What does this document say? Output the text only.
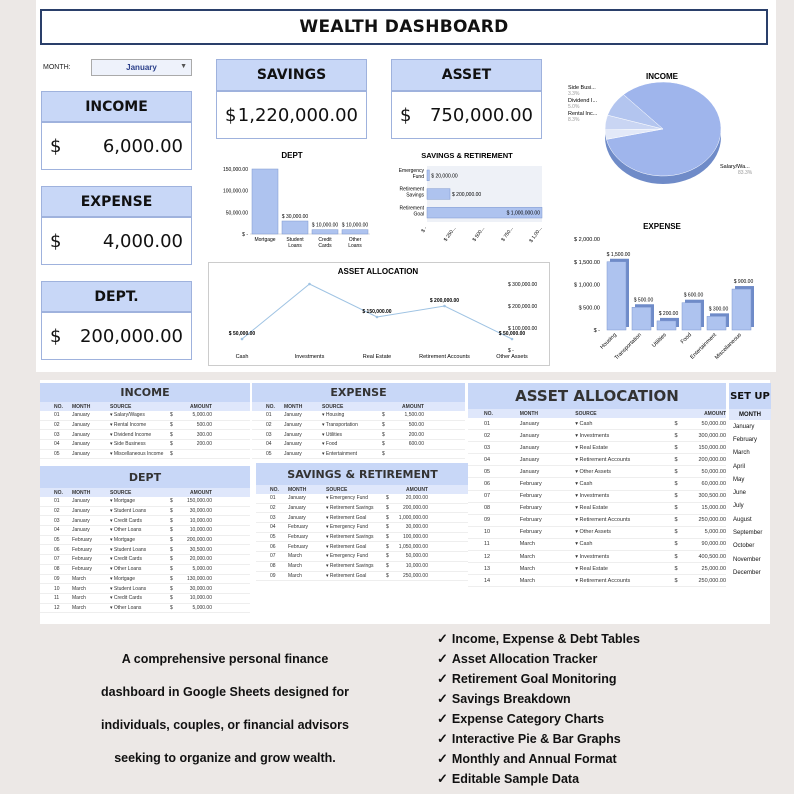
WEALTH DASHBOARD
MONTH:	January	▼
INCOME
$ 6,000.00
EXPENSE
$ 4,000.00
DEPT.
$ 200,000.00
SAVINGS
$ 1,220,000.00
ASSET
$ 750,000.00
DEPT
150,000.00
100,000.00
50,000.00
$ -
Mortgage
$ 30,000.00
Student
Loans
$ 10,000.00
Credit
Cards
$ 10,000.00
Other
Loans
SAVINGS & RETIREMENT
$ 20,000.00
Emergency
Fund
$ 200,000.00
Retirement
Savings
$ 1,000,000.00
Retirement
Goal
$ -	$ 250...	$ 500...	$ 750...	$ 1,00...
ASSET ALLOCATION
$ 300,000.00
$ 200,000.00
$ 100,000.00
$ -
$ 50,000.00
Cash	Investments
$ 150,000.00
Real Estate
$ 200,000.00
Retirement Accounts
$ 50,000.00
Other Assets
INCOME
Salary/Wa...
83.3%
Side Busi...
3.3%
Dividend I...
5.0%
Rental Inc...
8.3%
EXPENSE
$ 2,000.00
$ 1,500.00
$ 1,000.00
$ 500.00
$ -
$ 1,500.00
Housing
$ 500.00
Transportation
$ 200.00
Utilities
$ 600.00
Food
$ 300.00
Entertainment
$ 900.00
Miscellaneous
INCOME
NO.	MONTH	SOURCE	AMOUNT
01	January	▾ Salary/Wages	$	5,000.00
02	January	▾ Rental Income	$	500.00
03	January	▾ Dividend Income	$	300.00
04	January	▾ Side Business	$	200.00
05	January	▾ Miscellaneous Income	$
EXPENSE
NO.	MONTH	SOURCE	AMOUNT
01	January	▾ Housing	$	1,500.00
02	January	▾ Transportation	$	500.00
03	January	▾ Utilities	$	200.00
04	January	▾ Food	$	600.00
05	January	▾ Entertainment	$
DEPT
NO.	MONTH	SOURCE	AMOUNT
01	January	▾ Mortgage	$	150,000.00
02	January	▾ Student Loans	$	30,000.00
03	January	▾ Credit Cards	$	10,000.00
04	January	▾ Other Loans	$	10,000.00
05	February	▾ Mortgage	$	200,000.00
06	February	▾ Student Loans	$	30,500.00
07	February	▾ Credit Cards	$	20,000.00
08	February	▾ Other Loans	$	5,000.00
09	March	▾ Mortgage	$	130,000.00
10	March	▾ Student Loans	$	30,000.00
11	March	▾ Credit Cards	$	10,000.00
12	March	▾ Other Loans	$	5,000.00
SAVINGS & RETIREMENT
NO.	MONTH	SOURCE	AMOUNT
01	January	▾ Emergency Fund	$	20,000.00
02	January	▾ Retirement Savings	$	200,000.00
03	January	▾ Retirement Goal	$ 1,000,000.00
04	February	▾ Emergency Fund	$	30,000.00
05	February	▾ Retirement Savings	$	100,000.00
06	February	▾ Retirement Goal	$ 1,050,000.00
07	March	▾ Emergency Fund	$	50,000.00
08	March	▾ Retirement Savings	$	10,000.00
09	March	▾ Retirement Goal	$	250,000.00
ASSET ALLOCATION
NO.	MONTH	SOURCE	AMOUNT
01	January	▾ Cash	$	50,000.00
02	January	▾ Investments	$	300,000.00
03	January	▾ Real Estate	$	150,000.00
04	January	▾ Retirement Accounts	$	200,000.00
05	January	▾ Other Assets	$	50,000.00
06	February	▾ Cash	$	60,000.00
07	February	▾ Investments	$	300,500.00
08	February	▾ Real Estate	$	15,000.00
09	February	▾ Retirement Accounts	$	250,000.00
10	February	▾ Other Assets	$	5,000.00
11	March	▾ Cash	$	90,000.00
12	March	▾ Investments	$	400,500.00
13	March	▾ Real Estate	$	25,000.00
14	March	▾ Retirement Accounts	$	250,000.00
SET UP
MONTH
January
February
March
April
May
June
July
August
September
October
November
December
A comprehensive personal finance
dashboard in Google Sheets designed for
individuals, couples, or financial advisors
seeking to organize and grow wealth.
✓ Income, Expense & Debt Tables
✓ Asset Allocation Tracker
✓ Retirement Goal Monitoring
✓ Savings Breakdown
✓ Expense Category Charts
✓ Interactive Pie & Bar Graphs
✓ Monthly and Annual Format
✓ Editable Sample Data
